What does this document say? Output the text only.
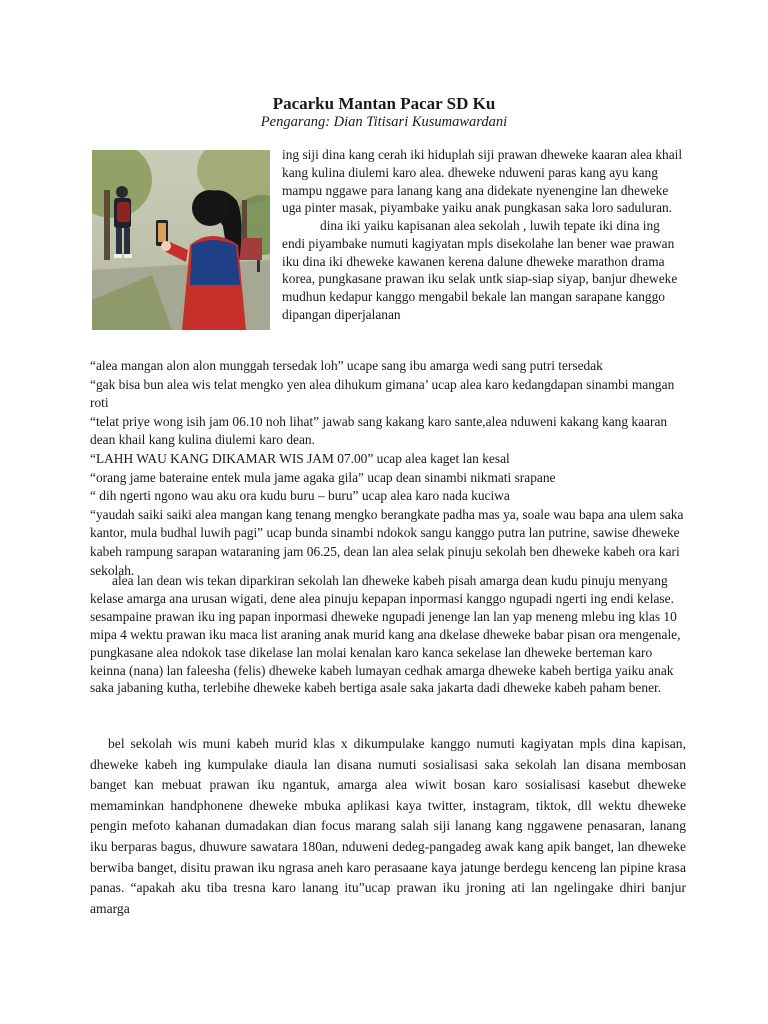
Pacarku Mantan Pacar SD Ku

Pengarang: Dian Titisari Kusumawardani

ing siji dina kang cerah iki hiduplah siji prawan dheweke kaaran alea khail kang kulina diulemi karo alea. dheweke nduweni paras kang ayu kang mampu nggawe para lanang kang ana didekate nyenengine lan dheweke uga pinter masak, piyambake yaiku anak pungkasan saka loro saduluran.

dina iki yaiku kapisanan alea sekolah , luwih tepate iki dina ing endi piyambake numuti kagiyatan mpls disekolahe lan bener wae prawan iku dina iki dheweke kawanen kerena dalune dheweke marathon drama korea, pungkasane prawan iku selak untk siap-siap siyap, banjur dheweke mudhun kedapur kanggo mengabil bekale lan mangan sarapane kanggo dipangan diperjalanan

“alea mangan alon alon munggah tersedak loh” ucape sang ibu amarga wedi sang putri tersedak

“gak bisa bun alea wis telat mengko yen alea dihukum gimana’ ucap alea karo kedangdapan sinambi mangan roti

“telat priye wong isih jam 06.10 noh lihat” jawab sang kakang karo sante,alea nduweni kakang kang kaaran dean khail kang kulina diulemi karo dean.

“LAHH WAU KANG DIKAMAR WIS JAM 07.00” ucap alea kaget lan kesal

“orang jame bateraine entek mula jame agaka gila” ucap dean sinambi nikmati srapane

“ dih ngerti ngono wau aku ora kudu buru – buru” ucap alea karo nada kuciwa

“yaudah saiki saiki alea mangan kang tenang mengko berangkate padha mas ya, soale wau bapa ana ulem saka kantor, mula budhal luwih pagi” ucap bunda sinambi ndokok sangu kanggo putra lan putrine, sawise dheweke kabeh rampung sarapan wataraning jam 06.25, dean lan alea selak pinuju sekolah ben dheweke kabeh ora kari sekolah.

alea lan dean wis tekan diparkiran sekolah lan dheweke kabeh pisah amarga dean kudu pinuju menyang kelase amarga ana urusan wigati, dene alea pinuju kepapan inpormasi kanggo ngupadi ngerti ing endi kelase. sesampaine prawan iku ing papan inpormasi dheweke ngupadi jenenge lan lan yap meneng mlebu ing klas 10 mipa 4 wektu prawan iku maca list araning anak murid kang ana dkelase dheweke babar pisan ora mengenale, pungkasane alea ndokok tase dikelase lan molai kenalan karo kanca sekelase lan dheweke berteman karo keinna (nana) lan faleesha (felis) dheweke kabeh lumayan cedhak amarga dheweke kabeh bertiga yaiku anak saka jabaning kutha, terlebihe dheweke kabeh bertiga asale saka jakarta dadi dheweke kabeh paham bener.

bel sekolah wis muni kabeh murid klas x dikumpulake kanggo numuti kagiyatan mpls dina kapisan, dheweke kabeh ing kumpulake diaula lan disana numuti sosialisasi saka sekolah lan disana membosan banget kan mebuat prawan iku ngantuk, amarga alea wiwit bosan karo sosialisasi kasebut dheweke memaminkan handphonene dheweke mbuka aplikasi kaya twitter, instagram, tiktok, dll wektu dheweke pengin mefoto kahanan dumadakan dian focus marang salah siji lanang kang nggawene penasaran, lanang iku berparas bagus, dhuwure sawatara 180an, nduweni dedeg-pangadeg awak kang apik banget, lan dheweke berwiba banget, disitu prawan iku ngrasa aneh karo perasaane kaya jatunge berdegu kenceng lan pipine krasa panas. “apakah aku tiba tresna karo lanang itu”ucap prawan iku jroning ati lan ngelingake dhiri banjur amarga
